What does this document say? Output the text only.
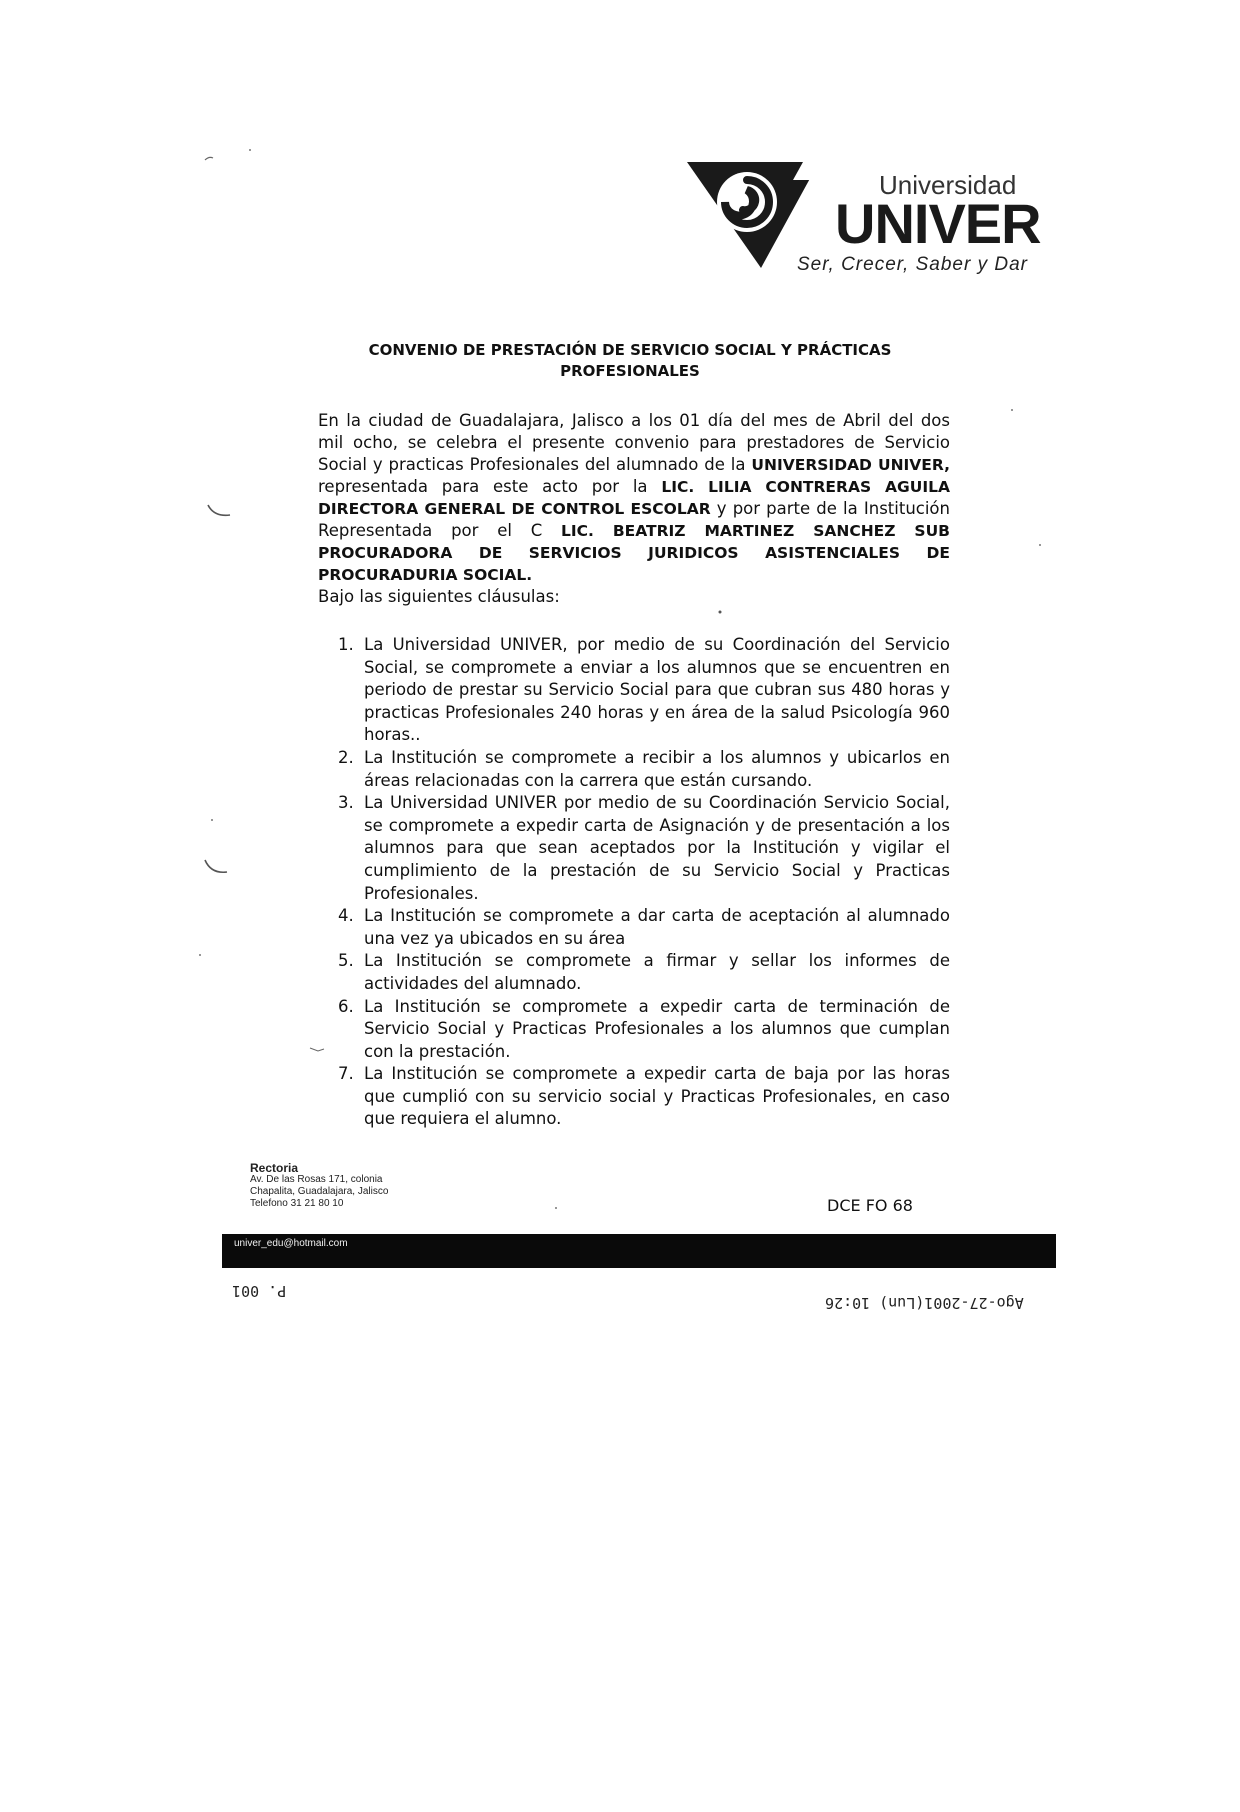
Universidad
UNIVER
Ser, Crecer, Saber y Dar
CONVENIO DE PRESTACIÓN DE SERVICIO SOCIAL Y PRÁCTICAS
PROFESIONALES
En la ciudad de Guadalajara, Jalisco a los 01 día del mes de Abril del dos
mil ocho, se celebra el presente convenio para prestadores de Servicio
Social y practicas Profesionales del alumnado de la UNIVERSIDAD UNIVER,
representada para este acto por la LIC. LILIA CONTRERAS AGUILA
DIRECTORA GENERAL DE CONTROL ESCOLAR y por parte de la Institución
Representada por el C LIC. BEATRIZ MARTINEZ SANCHEZ SUB
PROCURADORA DE SERVICIOS JURIDICOS ASISTENCIALES DE
PROCURADURIA SOCIAL.
Bajo las siguientes cláusulas:
1. La Universidad UNIVER, por medio de su Coordinación del Servicio Social, se compromete a enviar a los alumnos que se encuentren en periodo de prestar su Servicio Social para que cubran sus 480 horas y practicas Profesionales 240 horas y en área de la salud Psicología 960 horas..
2. La Institución se compromete a recibir a los alumnos y ubicarlos en áreas relacionadas con la carrera que están cursando.
3. La Universidad UNIVER por medio de su Coordinación Servicio Social, se compromete a expedir carta de Asignación y de presentación a los alumnos para que sean aceptados por la Institución y vigilar el cumplimiento de la prestación de su Servicio Social y Practicas Profesionales.
4. La Institución se compromete a dar carta de aceptación al alumnado una vez ya ubicados en su área
5. La Institución se compromete a firmar y sellar los informes de actividades del alumnado.
6. La Institución se compromete a expedir carta de terminación de Servicio Social y Practicas Profesionales a los alumnos que cumplan con la prestación.
7. La Institución se compromete a expedir carta de baja por las horas que cumplió con su servicio social y Practicas Profesionales, en caso que requiera el alumno.
Rectoria
Av. De las Rosas 171, colonia
Chapalita, Guadalajara, Jalisco
Telefono 31 21 80 10	DCE FO 68
univer_edu@hotmail.com
P. 001
Ago-27-2001(Lun) 10:26
